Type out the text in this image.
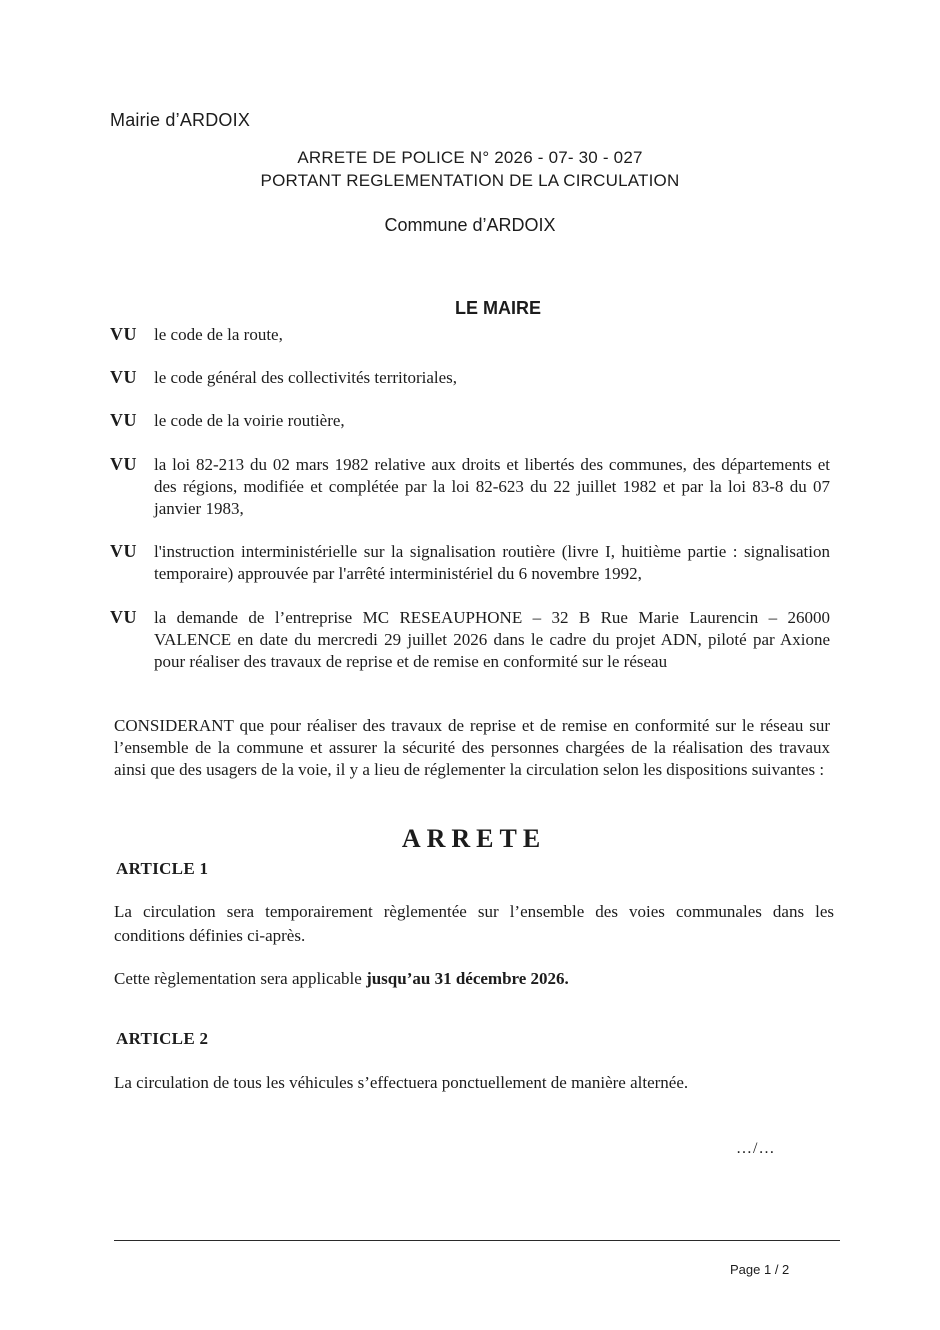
Mairie d’ARDOIX
ARRETE DE POLICE N° 2026 - 07- 30 - 027
PORTANT REGLEMENTATION DE LA CIRCULATION
Commune d’ARDOIX
LE MAIRE
VU le code de la route,
VU le code général des collectivités territoriales,
VU le code de la voirie routière,
VU la loi 82-213 du 02 mars 1982 relative aux droits et libertés des communes, des départements et des régions, modifiée et complétée par la loi 82-623 du 22 juillet 1982 et par la loi 83-8 du 07 janvier 1983,
VU l'instruction interministérielle sur la signalisation routière (livre I, huitième partie : signalisation temporaire) approuvée par l'arrêté interministériel du 6 novembre 1992,
VU la demande de l’entreprise MC RESEAUPHONE – 32 B Rue Marie Laurencin – 26000 VALENCE en date du mercredi 29 juillet 2026 dans le cadre du projet ADN, piloté par Axione pour réaliser des travaux de reprise et de remise en conformité sur le réseau
CONSIDERANT que pour réaliser des travaux de reprise et de remise en conformité sur le réseau sur l’ensemble de la commune et assurer la sécurité des personnes chargées de la réalisation des travaux ainsi que des usagers de la voie, il y a lieu de réglementer la circulation selon les dispositions suivantes :
ARRETE
ARTICLE 1
La circulation sera temporairement règlementée sur l’ensemble des voies communales dans les conditions définies ci-après.
Cette règlementation sera applicable jusqu’au 31 décembre 2026.
ARTICLE 2
La circulation de tous les véhicules s’effectuera ponctuellement de manière alternée.
…/…
Page 1 / 2
